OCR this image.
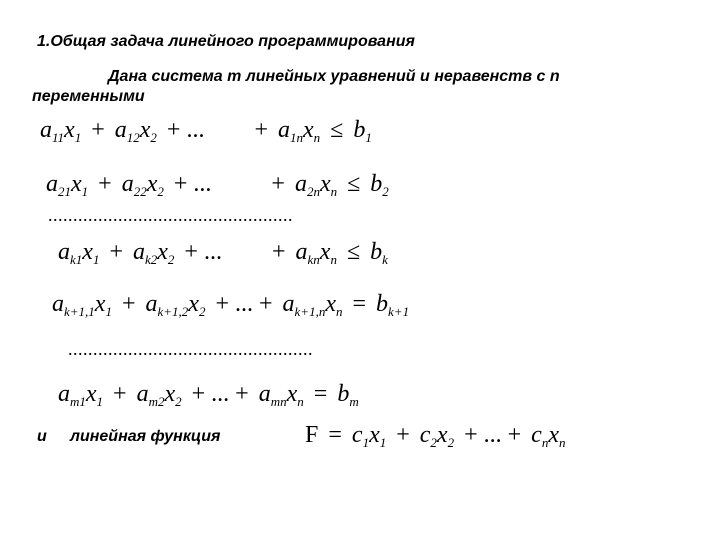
1.Общая задача линейного программирования
Дана система m линейных уравнений и неравенств с n
переменными
$a_{11}x_1 + a_{12}x_2$ + ... + $a_{1n}x_n \le b_1$
$a_{21}x_1 + a_{22}x_2$ + ...	+ $a_{2n}x_n \le b_2$
.................................................
$a_{k1}x_1 + a_{k2}x_2$ + ... + $a_{kn}x_n \le b_k$
$a_{k+1,1}x_1 + a_{k+1,2}x_2$ + ... + $a_{k+1,n}x_n = b_{k+1}$
.................................................
$a_{m1}x_1 + a_{m2}x_2$ + ... + $a_{mn}x_n = b_m$
и линейная функция	$F = c_1x_1 + c_2x_2$ + ... + $c_nx_n$
